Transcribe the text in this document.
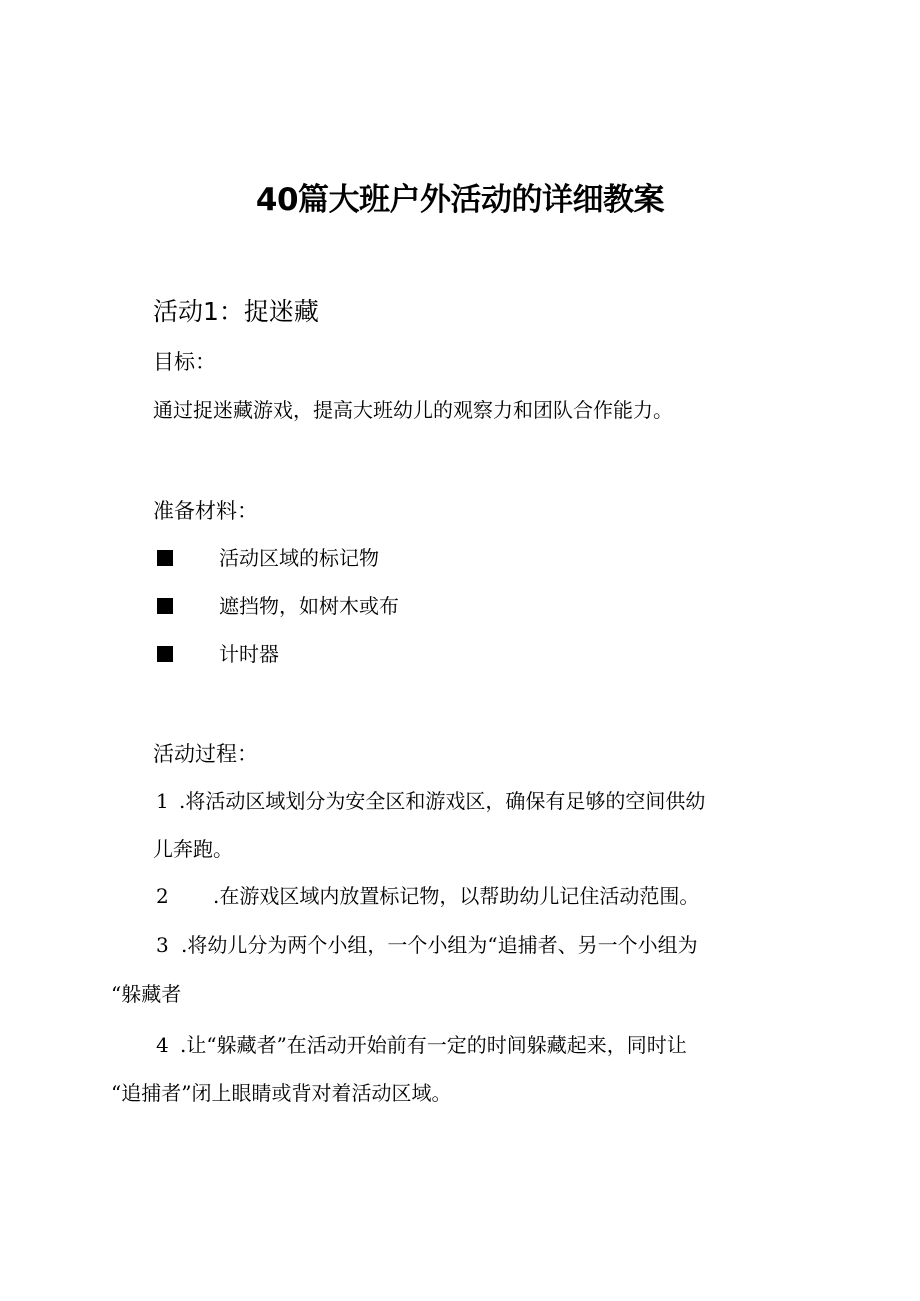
40篇大班户外活动的详细教案
活动1：捉迷藏
目标：
通过捉迷藏游戏，提高大班幼儿的观察力和团队合作能力。
准备材料：
活动区域的标记物
遮挡物，如树木或布
计时器
活动过程：
1 .将活动区域划分为安全区和游戏区，确保有足够的空间供幼
儿奔跑。
2 .在游戏区域内放置标记物，以帮助幼儿记住活动范围。
3 .将幼儿分为两个小组，一个小组为“追捕者、另一个小组为
“躲藏者
4 .让“躲藏者”在活动开始前有一定的时间躲藏起来，同时让
“追捕者”闭上眼睛或背对着活动区域。
